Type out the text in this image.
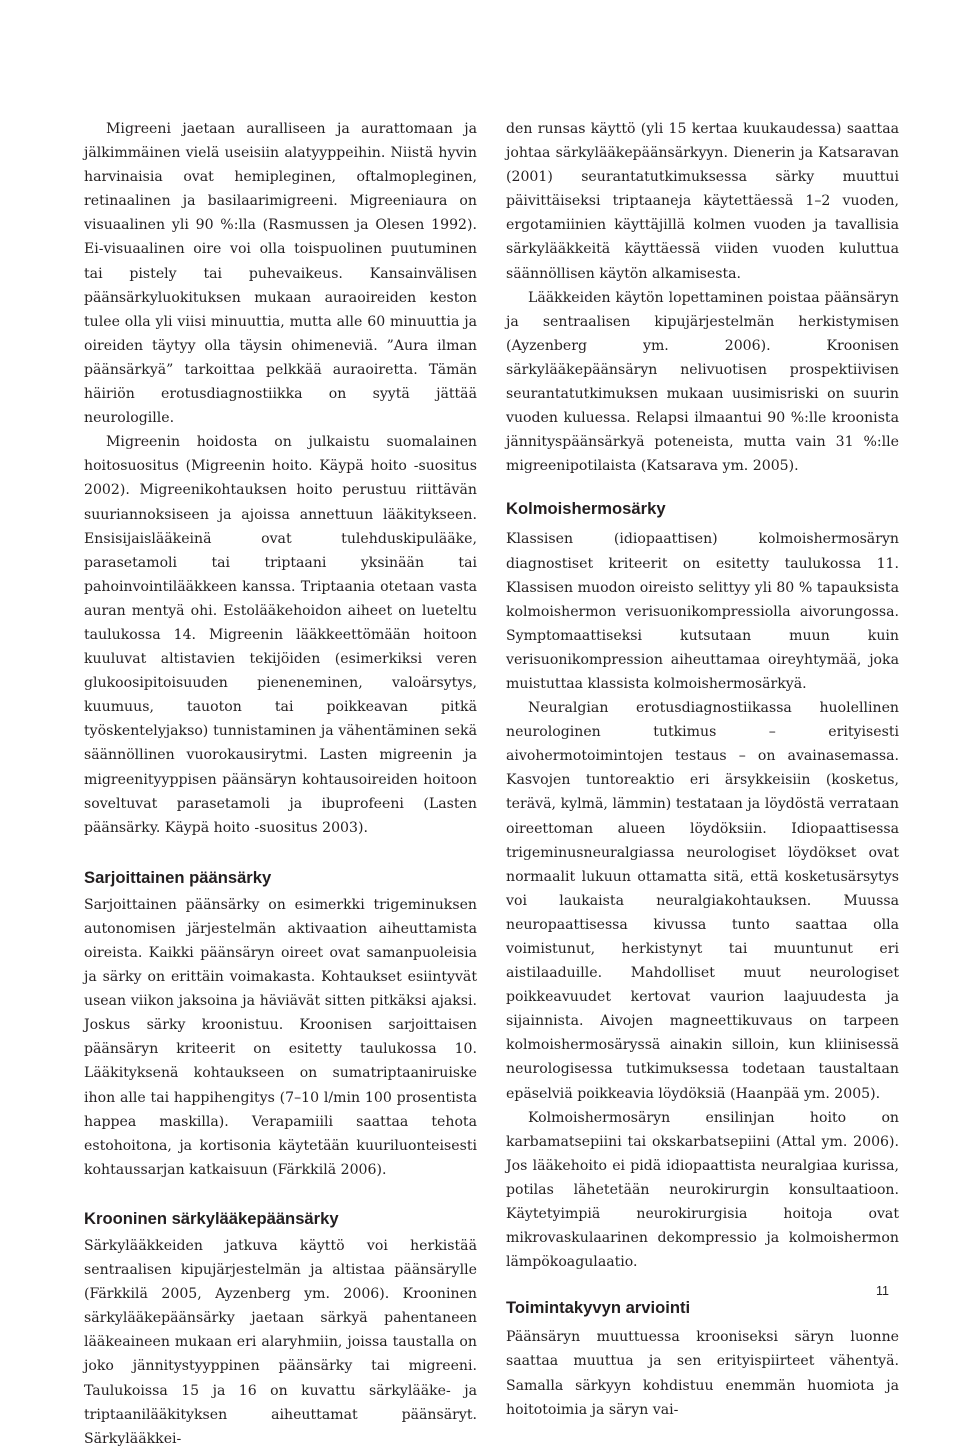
Migreeni jaetaan auralliseen ja aurattomaan ja jälkimmäinen vielä useisiin alatyyppeihin. Niistä hyvin harvinaisia ovat hemipleginen, oftalmopleginen, retinaalinen ja basilaarimigreeni. Migreeniaura on visuaalinen yli 90 %:lla (Rasmussen ja Olesen 1992). Ei-visuaalinen oire voi olla toispuolinen puutuminen tai pistely tai puhevaikeus. Kansainvälisen päänsärkyluokituksen mukaan auraoireiden keston tulee olla yli viisi minuuttia, mutta alle 60 minuuttia ja oireiden täytyy olla täysin ohimeneviä. ”Aura ilman päänsärkyä” tarkoittaa pelkkää auraoiretta. Tämän häiriön erotusdiagnostiikka on syytä jättää neurologille.

Migreenin hoidosta on julkaistu suomalainen hoitosuositus (Migreenin hoito. Käypä hoito -suositus 2002). Migreenikohtauksen hoito perustuu riittävän suuriannoksiseen ja ajoissa annettuun lääkitykseen. Ensisijaislääkeinä ovat tulehduskipulääke, parasetamoli tai triptaani yksinään tai pahoinvointilääkkeen kanssa. Triptaania otetaan vasta auran mentyä ohi. Estolääkehoidon aiheet on lueteltu taulukossa 14. Migreenin lääkkeettömään hoitoon kuuluvat altistavien tekijöiden (esimerkiksi veren glukoosipitoisuuden pieneneminen, valoärsytys, kuumuus, tauoton tai poikkeavan pitkä työskentelyjakso) tunnistaminen ja vähentäminen sekä säännöllinen vuorokausirytmi. Lasten migreenin ja migreenityyppisen päänsäryn kohtausoireiden hoitoon soveltuvat parasetamoli ja ibuprofeeni (Lasten päänsärky. Käypä hoito -suositus 2003).

Sarjoittainen päänsärky

Sarjoittainen päänsärky on esimerkki trigeminuksen autonomisen järjestelmän aktivaation aiheuttamista oireista. Kaikki päänsäryn oireet ovat samanpuoleisia ja särky on erittäin voimakasta. Kohtaukset esiintyvät usean viikon jaksoina ja häviävät sitten pitkäksi ajaksi. Joskus särky kroonistuu. Kroonisen sarjoittaisen päänsäryn kriteerit on esitetty taulukossa 10. Lääkityksenä kohtaukseen on sumatriptaaniruiske ihon alle tai happihengitys (7–10 l/min 100 prosentista happea maskilla). Verapamiili saattaa tehota estohoitona, ja kortisonia käytetään kuuriluonteisesti kohtaussarjan katkaisuun (Färkkilä 2006).

Krooninen särkylääkepäänsärky

Särkylääkkeiden jatkuva käyttö voi herkistää sentraalisen kipujärjestelmän ja altistaa päänsärylle (Färkkilä 2005, Ayzenberg ym. 2006). Krooninen särkylääkepäänsärky jaetaan särkyä pahentaneen lääkeaineen mukaan eri alaryhmiin, joissa taustalla on joko jännitystyyppinen päänsärky tai migreeni. Taulukoissa 15 ja 16 on kuvattu särkylääke- ja triptaanilääkityksen aiheuttamat päänsäryt. Särkylääkkei-

den runsas käyttö (yli 15 kertaa kuukaudessa) saattaa johtaa särkylääkepäänsärkyyn. Dienerin ja Katsaravan (2001) seurantatutkimuksessa särky muuttui päivittäiseksi triptaaneja käytettäessä 1–2 vuoden, ergotamiinien käyttäjillä kolmen vuoden ja tavallisia särkylääkkeitä käyttäessä viiden vuoden kuluttua säännöllisen käytön alkamisesta.

Lääkkeiden käytön lopettaminen poistaa päänsäryn ja sentraalisen kipujärjestelmän herkistymisen (Ayzenberg ym. 2006). Kroonisen särkylääkepäänsäryn nelivuotisen prospektiivisen seurantatutkimuksen mukaan uusimisriski on suurin vuoden kuluessa. Relapsi ilmaantui 90 %:lle kroonista jännityspäänsärkyä poteneista, mutta vain 31 %:lle migreenipotilaista (Katsarava ym. 2005).

Kolmoishermosärky

Klassisen (idiopaattisen) kolmoishermosäryn diagnostiset kriteerit on esitetty taulukossa 11. Klassisen muodon oireisto selittyy yli 80 % tapauksista kolmoishermon verisuonikompressiolla aivorungossa. Symptomaattiseksi kutsutaan muun kuin verisuonikompression aiheuttamaa oireyhtymää, joka muistuttaa klassista kolmoishermosärkyä.

Neuralgian erotusdiagnostiikassa huolellinen neurologinen tutkimus – erityisesti aivohermotoimintojen testaus – on avainasemassa. Kasvojen tuntoreaktio eri ärsykkeisiin (kosketus, terävä, kylmä, lämmin) testataan ja löydöstä verrataan oireettoman alueen löydöksiin. Idiopaattisessa trigeminusneuralgiassa neurologiset löydökset ovat normaalit lukuun ottamatta sitä, että kosketusärsytys voi laukaista neuralgiakohtauksen. Muussa neuropaattisessa kivussa tunto saattaa olla voimistunut, herkistynyt tai muuntunut eri aistilaaduille. Mahdolliset muut neurologiset poikkeavuudet kertovat vaurion laajuudesta ja sijainnista. Aivojen magneettikuvaus on tarpeen kolmoishermosäryssä ainakin silloin, kun kliinisessä neurologisessa tutkimuksessa todetaan taustaltaan epäselviä poikkeavia löydöksiä (Haanpää ym. 2005).

Kolmoishermosäryn ensilinjan hoito on karbamatsepiini tai okskarbatsepiini (Attal ym. 2006). Jos lääkehoito ei pidä idiopaattista neuralgiaa kurissa, potilas lähetetään neurokirurgin konsultaatioon. Käytetyimpiä neurokirurgisia hoitoja ovat mikrovaskulaarinen dekompressio ja kolmoishermon lämpökoagulaatio.

Toimintakyvyn arviointi

Päänsäryn muuttuessa krooniseksi säryn luonne saattaa muuttua ja sen erityispiirteet vähentyä. Samalla särkyyn kohdistuu enemmän huomiota ja hoitotoimia ja säryn vai-

11
